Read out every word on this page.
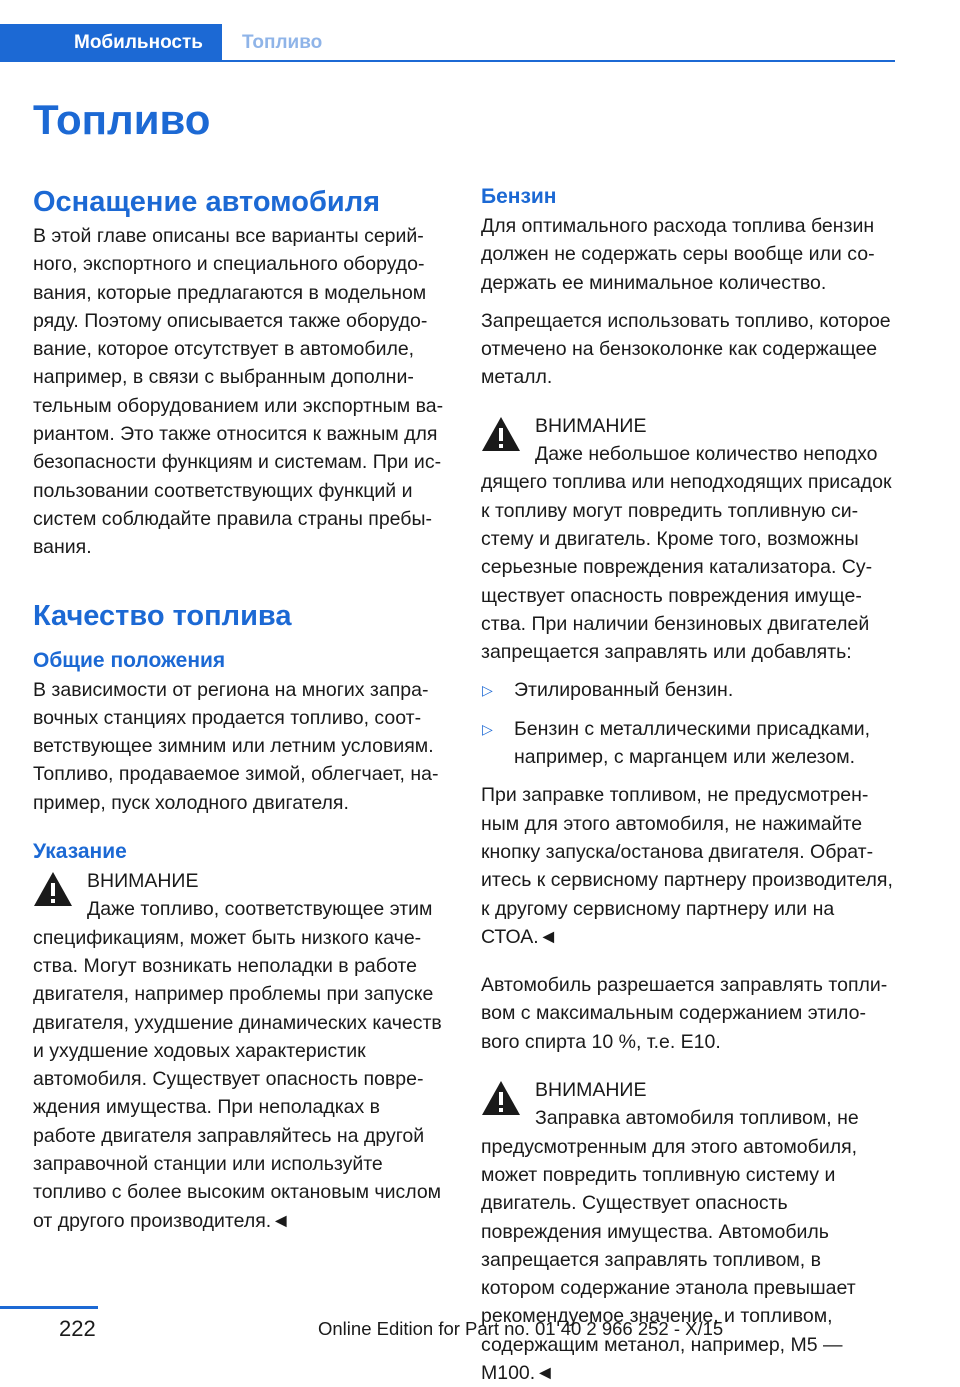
Мобильность	Топливо
Топливо
Оснащение автомобиля

В этой главе описаны все варианты серийного, экспортного и специального оборудования, которые предлагаются в модельном ряду. Поэтому описывается также оборудование, которое отсутствует в автомобиле, например, в связи с выбранным дополнительным оборудованием или экспортным вариантом. Это также относится к важным для безопасности функциям и системам. При использовании соответствующих функций и систем соблюдайте правила страны пребывания.

Качество топлива
Общие положения

В зависимости от региона на многих заправочных станциях продается топливо, соответствующее зимним или летним условиям. Топливо, продаваемое зимой, облегчает, например, пуск холодного двигателя.

Указание
ВНИМАНИЕ
Даже топливо, соответствующее этим

спецификациям, может быть низкого качества. Могут возникать неполадки в работе двигателя, например проблемы при запуске двигателя, ухудшение динамических качеств и ухудшение ходовых характеристик автомобиля. Существует опасность повреждения имущества. При неполадках в работе двигателя заправляйтесь на другой заправочной станции или используйте топливо с более высоким октановым числом от другого производителя.◄

Бензин

Для оптимального расхода топлива бензин должен не содержать серы вообще или содержать ее минимальное количество.

Запрещается использовать топливо, которое отмечено на бензоколонке как содержащее металл.

ВНИМАНИЕ
Даже небольшое количество неподхо

дящего топлива или неподходящих присадок к топливу могут повредить топливную систему и двигатель. Кроме того, возможны серьезные повреждения катализатора. Существует опасность повреждения имущества. При наличии бензиновых двигателей запрещается заправлять или добавлять:

▷ Этилированный бензин.
▷ Бензин с металлическими присадками, например, с марганцем или железом.

При заправке топливом, не предусмотренным для этого автомобиля, не нажимайте кнопку запуска/останова двигателя. Обратитесь к сервисному партнеру производителя, к другому сервисному партнеру или на СТОА.◄

Автомобиль разрешается заправлять топливом с максимальным содержанием этилового спирта 10 %, т.е. E10.

ВНИМАНИЕ
Заправка автомобиля топливом, не

предусмотренным для этого автомобиля, может повредить топливную систему и двигатель. Существует опасность повреждения имущества. Автомобиль запрещается заправлять топливом, в котором содержание этанола превышает рекомендуемое значение, и топливом, содержащим метанол, например, M5 — M100.◄

222	Online Edition for Part no. 01 40 2 966 252 - X/15
